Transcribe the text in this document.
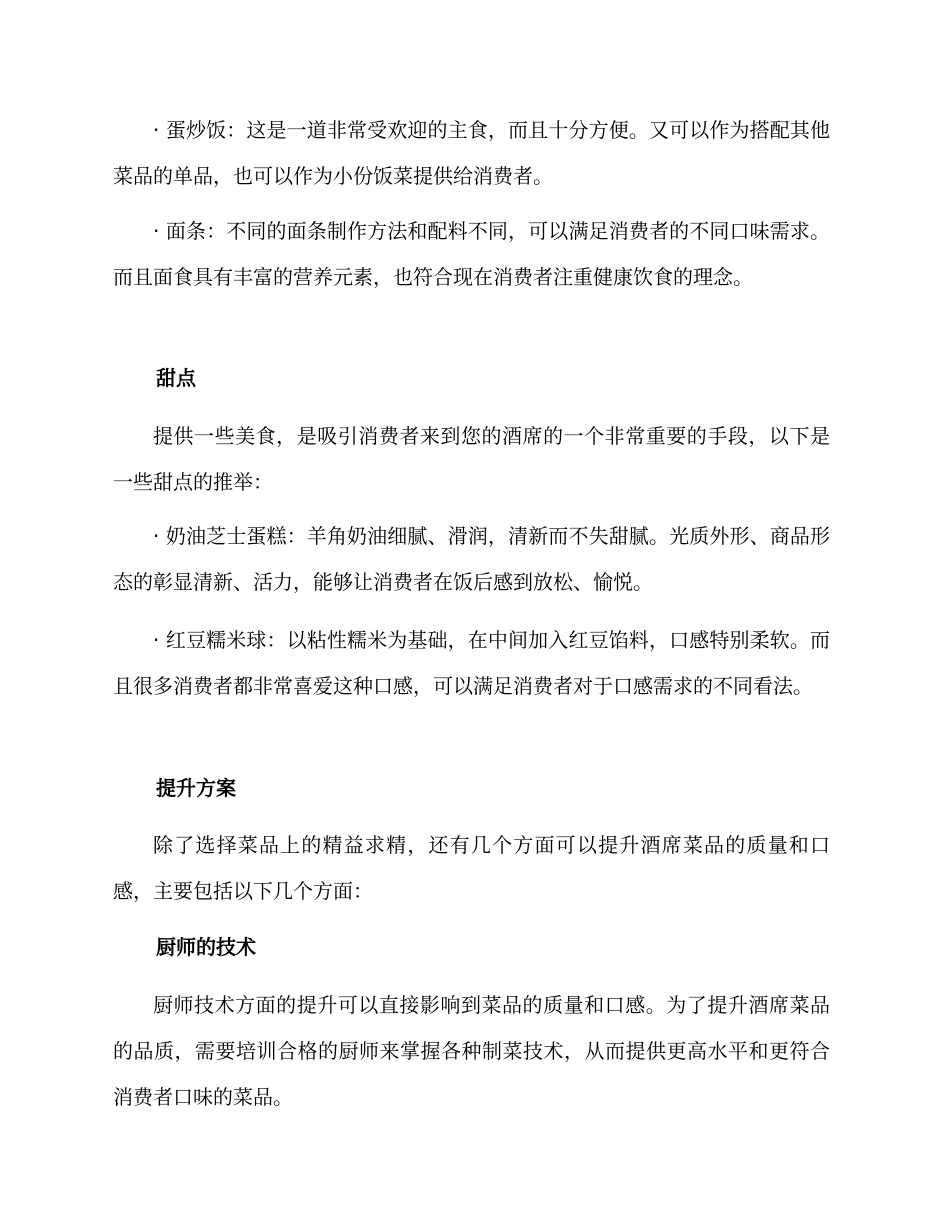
· 蛋炒饭：这是一道非常受欢迎的主食，而且十分方便。又可以作为搭配其他菜品的单品，也可以作为小份饭菜提供给消费者。

· 面条：不同的面条制作方法和配料不同，可以满足消费者的不同口味需求。而且面食具有丰富的营养元素，也符合现在消费者注重健康饮食的理念。

甜点

提供一些美食，是吸引消费者来到您的酒席的一个非常重要的手段，以下是一些甜点的推举：

· 奶油芝士蛋糕：羊角奶油细腻、滑润，清新而不失甜腻。光质外形、商品形态的彰显清新、活力，能够让消费者在饭后感到放松、愉悦。

· 红豆糯米球：以粘性糯米为基础，在中间加入红豆馅料，口感特别柔软。而且很多消费者都非常喜爱这种口感，可以满足消费者对于口感需求的不同看法。

提升方案

除了选择菜品上的精益求精，还有几个方面可以提升酒席菜品的质量和口感，主要包括以下几个方面：

厨师的技术

厨师技术方面的提升可以直接影响到菜品的质量和口感。为了提升酒席菜品的品质，需要培训合格的厨师来掌握各种制菜技术，从而提供更高水平和更符合消费者口味的菜品。
